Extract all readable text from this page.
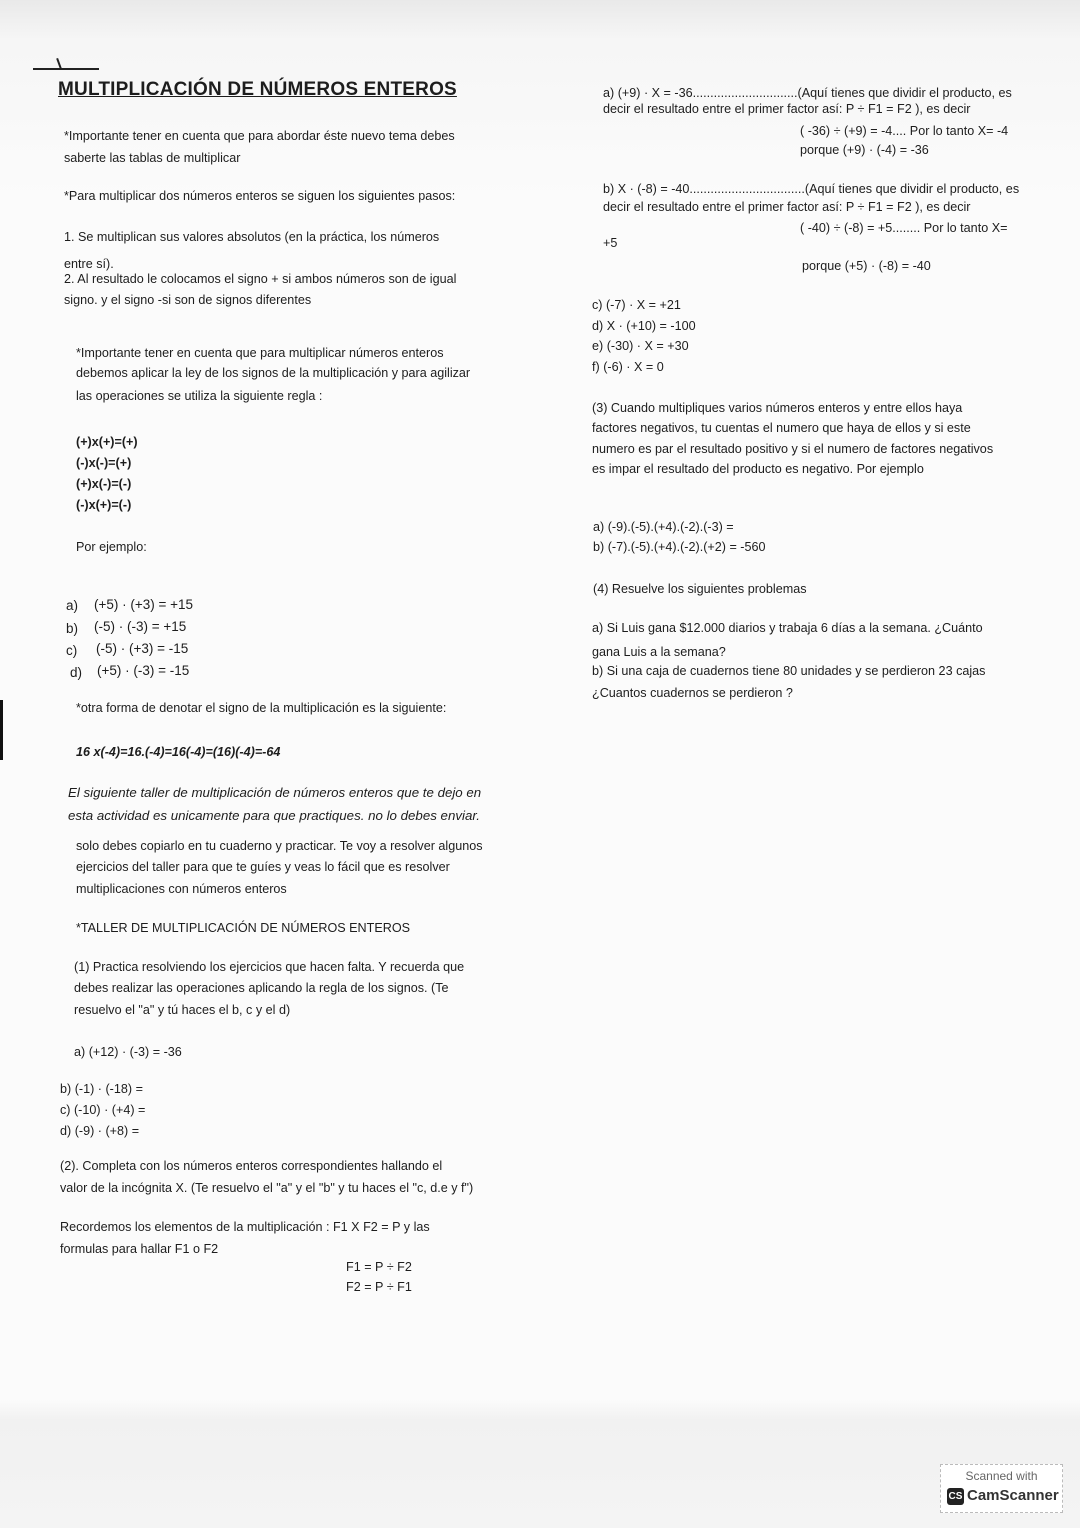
MULTIPLICACIÓN DE NÚMEROS ENTEROS
*Importante tener en cuenta que para abordar éste nuevo tema debes
saberte las tablas de multiplicar
*Para multiplicar dos números enteros se siguen los siguientes pasos:
1. Se multiplican sus valores absolutos (en la práctica, los números
entre sí).
2. Al resultado le colocamos el signo + si ambos números son de igual
signo. y el signo -si son de signos diferentes
*Importante tener en cuenta que para multiplicar números enteros
debemos aplicar la ley de los signos de la multiplicación y para agilizar
las operaciones se utiliza la siguiente regla :
(+)x(+)=(+)
(-)x(-)=(+)
(+)x(-)=(-)
(-)x(+)=(-)
Por ejemplo:
a) (+5) · (+3) = +15
b) (-5) · (-3) = +15
c) (-5) · (+3) = -15
d) (+5) · (-3) = -15
*otra forma de denotar el signo de la multiplicación es la siguiente:
16 x(-4)=16.(-4)=16(-4)=(16)(-4)=-64
El siguiente taller de multiplicación de números enteros que te dejo en
esta actividad es unicamente para que practiques. no lo debes enviar.
solo debes copiarlo en tu cuaderno y practicar. Te voy a resolver algunos
ejercicios del taller para que te guíes y veas lo fácil que es resolver
multiplicaciones con números enteros
*TALLER DE MULTIPLICACIÓN DE NÚMEROS ENTEROS
(1) Practica resolviendo los ejercicios que hacen falta. Y recuerda que
debes realizar las operaciones aplicando la regla de los signos. (Te
resuelvo el "a" y tú haces el b, c y el d)
a) (+12) · (-3) = -36
b) (-1) · (-18) =
c) (-10) · (+4) =
d) (-9) · (+8) =
(2). Completa con los números enteros correspondientes hallando el
valor de la incógnita X. (Te resuelvo el "a" y el "b" y tu haces el "c, d.e y f")
Recordemos los elementos de la multiplicación : F1 X F2 = P y las
formulas para hallar F1 o F2
F1 = P ÷ F2
F2 = P ÷ F1
a) (+9) · X = -36..............................(Aquí tienes que dividir el producto, es
decir el resultado entre el primer factor así: P ÷ F1 = F2 ), es decir
( -36) ÷ (+9) = -4.... Por lo tanto X= -4
porque (+9) · (-4) = -36
b) X · (-8) = -40.................................(Aquí tienes que dividir el producto, es
decir el resultado entre el primer factor así: P ÷ F1 = F2 ), es decir
( -40) ÷ (-8) = +5........ Por lo tanto X=
+5
porque (+5) · (-8) = -40
c) (-7) · X = +21
d) X · (+10) = -100
e) (-30) · X = +30
f) (-6) · X = 0
(3) Cuando multipliques varios números enteros y entre ellos haya
factores negativos, tu cuentas el numero que haya de ellos y si este
numero es par el resultado positivo y si el numero de factores negativos
es impar el resultado del producto es negativo. Por ejemplo
a) (-9).(-5).(+4).(-2).(-3) =
b) (-7).(-5).(+4).(-2).(+2) = -560
(4) Resuelve los siguientes problemas
a) Si Luis gana $12.000 diarios y trabaja 6 días a la semana. ¿Cuánto
gana Luis a la semana?
b) Si una caja de cuadernos tiene 80 unidades y se perdieron 23 cajas
¿Cuantos cuadernos se perdieron ?
Scanned with
CS CamScanner
